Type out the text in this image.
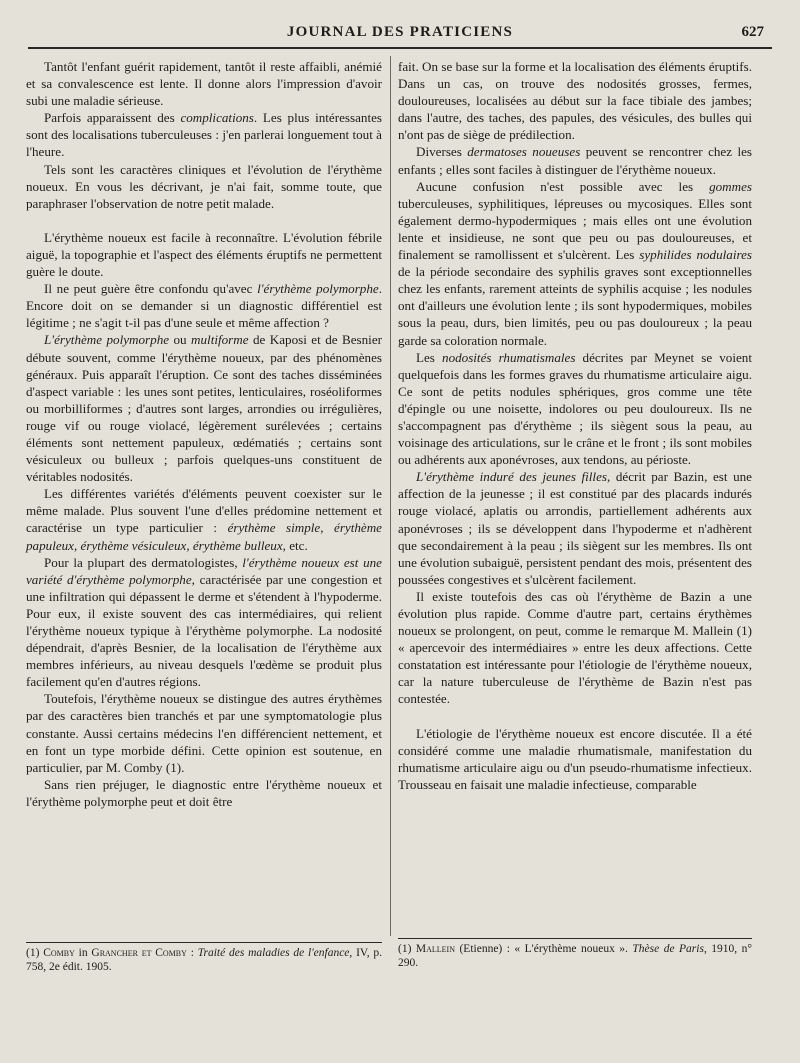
JOURNAL DES PRATICIENS	627

Tantôt l'enfant guérit rapidement, tantôt il reste affaibli, anémié et sa convalescence est lente. Il donne alors l'impression d'avoir subi une maladie sérieuse.

Parfois apparaissent des complications. Les plus intéressantes sont des localisations tuberculeuses : j'en parlerai longuement tout à l'heure.

Tels sont les caractères cliniques et l'évolution de l'érythème noueux. En vous les décrivant, je n'ai fait, somme toute, que paraphraser l'observation de notre petit malade.

L'érythème noueux est facile à reconnaître. L'évolution fébrile aiguë, la topographie et l'aspect des éléments éruptifs ne permettent guère le doute.

Il ne peut guère être confondu qu'avec l'érythème polymorphe. Encore doit on se demander si un diagnostic différentiel est légitime ; ne s'agit t-il pas d'une seule et même affection ?

L'érythème polymorphe ou multiforme de Kaposi et de Besnier débute souvent, comme l'érythème noueux, par des phénomènes généraux. Puis apparaît l'éruption. Ce sont des taches disséminées d'aspect variable : les unes sont petites, lenticulaires, roséoliformes ou morbilliformes ; d'autres sont larges, arrondies ou irrégulières, rouge vif ou rouge violacé, légèrement surélevées ; certains éléments sont nettement papuleux, œdématiés ; certains sont vésiculeux ou bulleux ; parfois quelques-uns constituent de véritables nodosités.

Les différentes variétés d'éléments peuvent coexister sur le même malade. Plus souvent l'une d'elles prédomine nettement et caractérise un type particulier : érythème simple, érythème papuleux, érythème vésiculeux, érythème bulleux, etc.

Pour la plupart des dermatologistes, l'érythème noueux est une variété d'érythème polymorphe, caractérisée par une congestion et une infiltration qui dépassent le derme et s'étendent à l'hypoderme. Pour eux, il existe souvent des cas intermédiaires, qui relient l'érythème noueux typique à l'érythème polymorphe. La nodosité dépendrait, d'après Besnier, de la localisation de l'érythème aux membres inférieurs, au niveau desquels l'œdème se produit plus facilement qu'en d'autres régions.

Toutefois, l'érythème noueux se distingue des autres érythèmes par des caractères bien tranchés et par une symptomatologie plus constante. Aussi certains médecins l'en différencient nettement, et en font un type morbide défini. Cette opinion est soutenue, en particulier, par M. Comby (1).

Sans rien préjuger, le diagnostic entre l'érythème noueux et l'érythème polymorphe peut et doit être

(1) Comby in Grancher et Comby : Traité des maladies de l'enfance, IV, p. 758, 2e édit. 1905.

fait. On se base sur la forme et la localisation des éléments éruptifs. Dans un cas, on trouve des nodosités grosses, fermes, douloureuses, localisées au début sur la face tibiale des jambes; dans l'autre, des taches, des papules, des vésicules, des bulles qui n'ont pas de siège de prédilection.

Diverses dermatoses noueuses peuvent se rencontrer chez les enfants ; elles sont faciles à distinguer de l'érythème noueux.

Aucune confusion n'est possible avec les gommes tuberculeuses, syphilitiques, lépreuses ou mycosiques. Elles sont également dermo-hypodermiques ; mais elles ont une évolution lente et insidieuse, ne sont que peu ou pas douloureuses, et finalement se ramollissent et s'ulcèrent. Les syphilides nodulaires de la période secondaire des syphilis graves sont exceptionnelles chez les enfants, rarement atteints de syphilis acquise ; les nodules ont d'ailleurs une évolution lente ; ils sont hypodermiques, mobiles sous la peau, durs, bien limités, peu ou pas douloureux ; la peau garde sa coloration normale.

Les nodosités rhumatismales décrites par Meynet se voient quelquefois dans les formes graves du rhumatisme articulaire aigu. Ce sont de petits nodules sphériques, gros comme une tête d'épingle ou une noisette, indolores ou peu douloureux. Ils ne s'accompagnent pas d'érythème ; ils siègent sous la peau, au voisinage des articulations, sur le crâne et le front ; ils sont mobiles ou adhérents aux aponévroses, aux tendons, au périoste.

L'érythème induré des jeunes filles, décrit par Bazin, est une affection de la jeunesse ; il est constitué par des placards indurés rouge violacé, aplatis ou arrondis, partiellement adhérents aux aponévroses ; ils se développent dans l'hypoderme et n'adhèrent que secondairement à la peau ; ils siègent sur les membres. Ils ont une évolution subaiguë, persistent pendant des mois, présentent des poussées congestives et s'ulcèrent facilement.

Il existe toutefois des cas où l'érythème de Bazin a une évolution plus rapide. Comme d'autre part, certains érythèmes noueux se prolongent, on peut, comme le remarque M. Mallein (1) « apercevoir des intermédiaires » entre les deux affections. Cette constatation est intéressante pour l'étiologie de l'érythème noueux, car la nature tuberculeuse de l'érythème de Bazin n'est pas contestée.

L'étiologie de l'érythème noueux est encore discutée. Il a été considéré comme une maladie rhumatismale, manifestation du rhumatisme articulaire aigu ou d'un pseudo-rhumatisme infectieux. Trousseau en faisait une maladie infectieuse, comparable

(1) Mallein (Etienne) : « L'érythème noueux ». Thèse de Paris, 1910, n° 290.
